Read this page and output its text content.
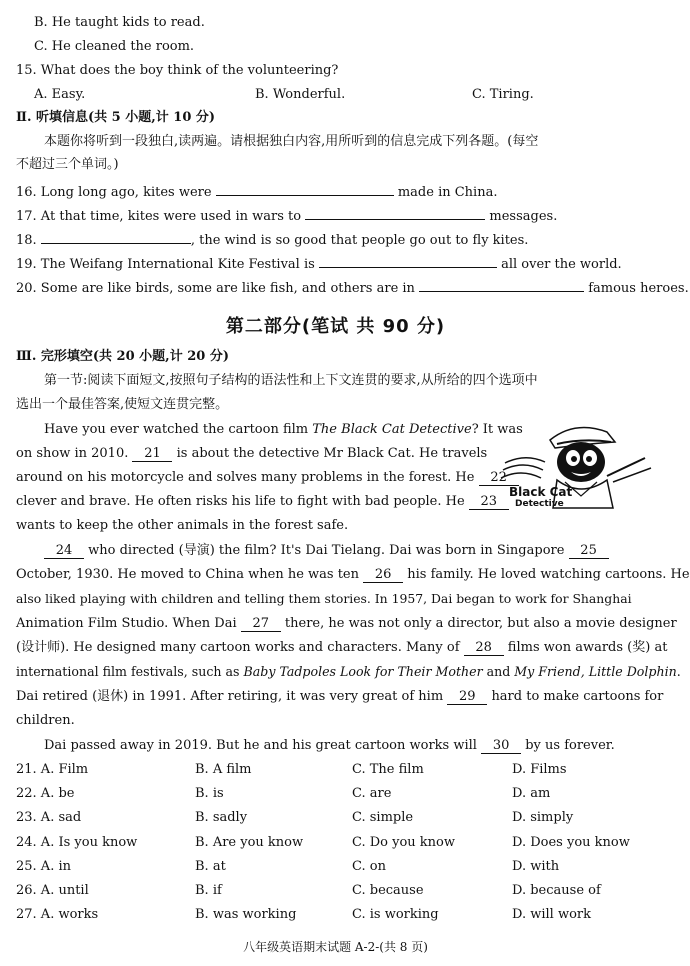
B. He taught kids to read.
C. He cleaned the room.
15. What does the boy think of the volunteering?
A. Easy.	B. Wonderful.	C. Tiring.
Ⅱ. 听填信息(共 5 小题,计 10 分)
本题你将听到一段独白,读两遍。请根据独白内容,用所听到的信息完成下列各题。(每空
不超过三个单词。)
16. Long long ago, kites were	made in China.
17. At that time, kites were used in wars to	messages.
18.	, the wind is so good that people go out to fly kites.
19. The Weifang International Kite Festival is	all over the world.
20. Some are like birds, some are like fish, and others are in	famous heroes.
第二部分(笔试 共 90 分)
Ⅲ. 完形填空(共 20 小题,计 20 分)
第一节:阅读下面短文,按照句子结构的语法性和上下文连贯的要求,从所给的四个选项中
选出一个最佳答案,使短文连贯完整。
Have you ever watched the cartoon film The Black Cat Detective? It was
on show in 2010. 21 is about the detective Mr Black Cat. He travels
around on his motorcycle and solves many problems in the forest. He 22
clever and brave. He often risks his life to fight with bad people. He 23
wants to keep the other animals in the forest safe.
Black Cat
Detective
24 who directed (导演) the film? It's Dai Tielang. Dai was born in Singapore 25
October, 1930. He moved to China when he was ten 26 his family. He loved watching cartoons. He
also liked playing with children and telling them stories. In 1957, Dai began to work for Shanghai
Animation Film Studio. When Dai 27 there, he was not only a director, but also a movie designer
(设计师). He designed many cartoon works and characters. Many of 28 films won awards (奖) at
international film festivals, such as Baby Tadpoles Look for Their Mother and My Friend, Little Dolphin.
Dai retired (退休) in 1991. After retiring, it was very great of him 29 hard to make cartoons for
children.
Dai passed away in 2019. But he and his great cartoon works will 30 by us forever.
21. A. Film	B. A film	C. The film	D. Films
22. A. be	B. is	C. are	D. am
23. A. sad	B. sadly	C. simple	D. simply
24. A. Is you know	B. Are you know	C. Do you know	D. Does you know
25. A. in	B. at	C. on	D. with
26. A. until	B. if	C. because	D. because of
27. A. works	B. was working	C. is working	D. will work
八年级英语期末试题 A-2-(共 8 页)
